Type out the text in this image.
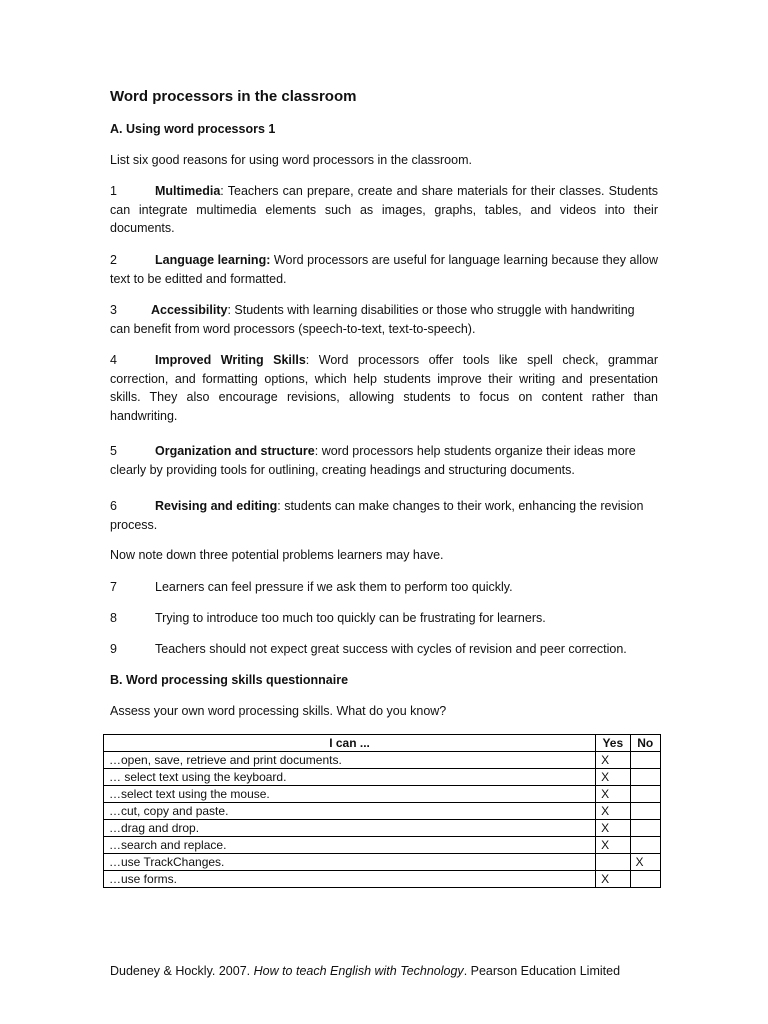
Word processors in the classroom
A. Using word processors 1
List six good reasons for using word processors in the classroom.
1	Multimedia: Teachers can prepare, create and share materials for their classes. Students can integrate multimedia elements such as images, graphs, tables, and videos into their documents.
2	Language learning: Word processors are useful for language learning because they allow text to be editted and formatted.
3	Accessibility: Students with learning disabilities or those who struggle with handwriting can benefit from word processors (speech-to-text, text-to-speech).
4	Improved Writing Skills: Word processors offer tools like spell check, grammar correction, and formatting options, which help students improve their writing and presentation skills. They also encourage revisions, allowing students to focus on content rather than handwriting.
5	Organization and structure: word processors help students organize their ideas more clearly by providing tools for outlining, creating headings and structuring documents.
6	Revising and editing: students can make changes to their work, enhancing the revision process.
Now note down three potential problems learners may have.
7	Learners can feel pressure if we ask them to perform too quickly.
8	Trying to introduce too much too quickly can be frustrating for learners.
9	Teachers should not expect great success with cycles of revision and peer correction.
B. Word processing skills questionnaire
Assess your own word processing skills. What do you know?
I can ...	Yes	No
…open, save, retrieve and print documents.	X	
… select text using the keyboard.	X	
…select text using the mouse.	X	
…cut, copy and paste.	X	
…drag and drop.	X	
…search and replace.	X	
…use TrackChanges.		X
…use forms.	X	
Dudeney & Hockly. 2007. How to teach English with Technology. Pearson Education Limited
